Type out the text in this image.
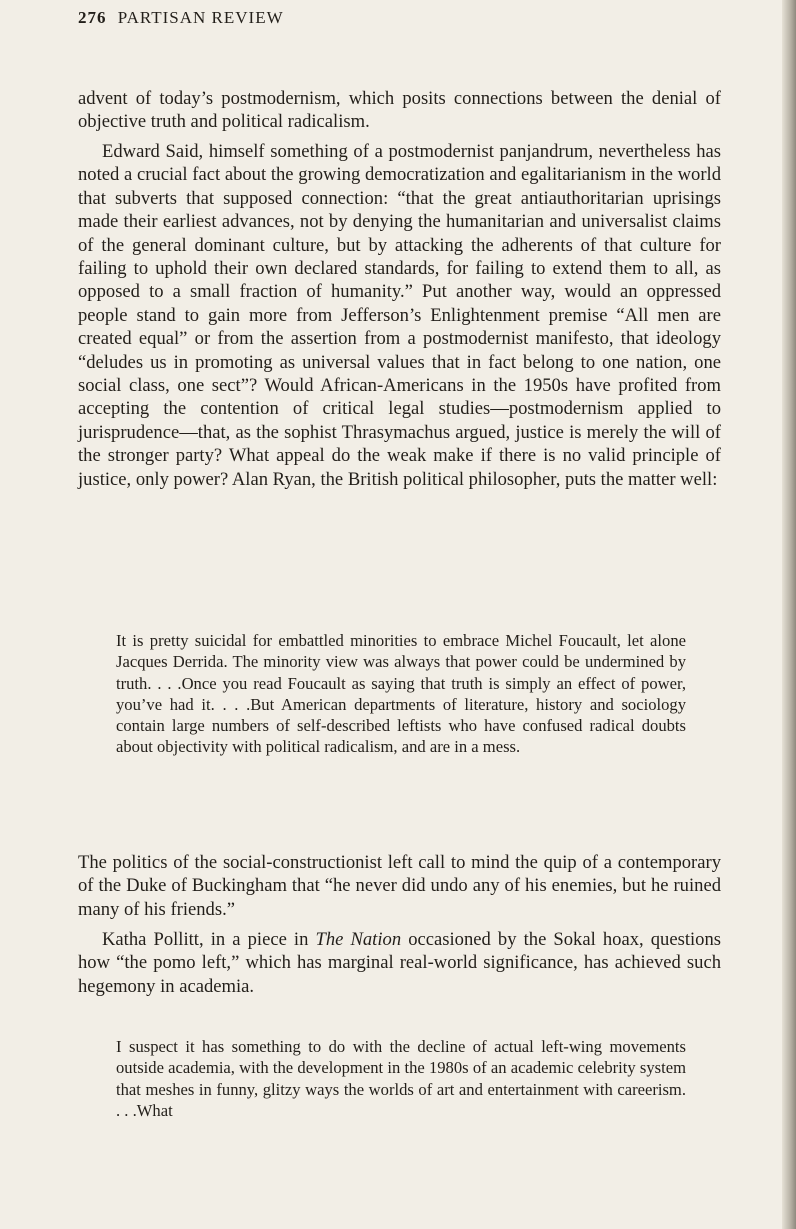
276 PARTISAN REVIEW

advent of today’s postmodernism, which posits connections between the denial of objective truth and political radicalism.

Edward Said, himself something of a postmodernist panjandrum, nevertheless has noted a crucial fact about the growing democratization and egalitarianism in the world that subverts that supposed connection: “that the great antiauthoritarian uprisings made their earliest advances, not by denying the humanitarian and universalist claims of the general dominant culture, but by attacking the adherents of that culture for failing to uphold their own declared standards, for failing to extend them to all, as opposed to a small fraction of humanity.” Put another way, would an oppressed people stand to gain more from Jefferson’s Enlightenment premise “All men are created equal” or from the assertion from a postmodernist manifesto, that ideology “deludes us in promoting as universal values that in fact belong to one nation, one social class, one sect”? Would African-Americans in the 1950s have profited from accepting the contention of critical legal studies—postmodernism applied to jurisprudence—that, as the sophist Thrasymachus argued, justice is merely the will of the stronger party? What appeal do the weak make if there is no valid principle of justice, only power? Alan Ryan, the British political philosopher, puts the matter well:

It is pretty suicidal for embattled minorities to embrace Michel Foucault, let alone Jacques Derrida. The minority view was always that power could be undermined by truth. . . .Once you read Foucault as saying that truth is simply an effect of power, you’ve had it. . . .But American departments of literature, history and sociology contain large numbers of self-described leftists who have confused radical doubts about objectivity with political radicalism, and are in a mess.

The politics of the social-constructionist left call to mind the quip of a contemporary of the Duke of Buckingham that “he never did undo any of his enemies, but he ruined many of his friends.”

Katha Pollitt, in a piece in The Nation occasioned by the Sokal hoax, questions how “the pomo left,” which has marginal real-world significance, has achieved such hegemony in academia.

I suspect it has something to do with the decline of actual left-wing movements outside academia, with the development in the 1980s of an academic celebrity system that meshes in funny, glitzy ways the worlds of art and entertainment with careerism. . . .What
